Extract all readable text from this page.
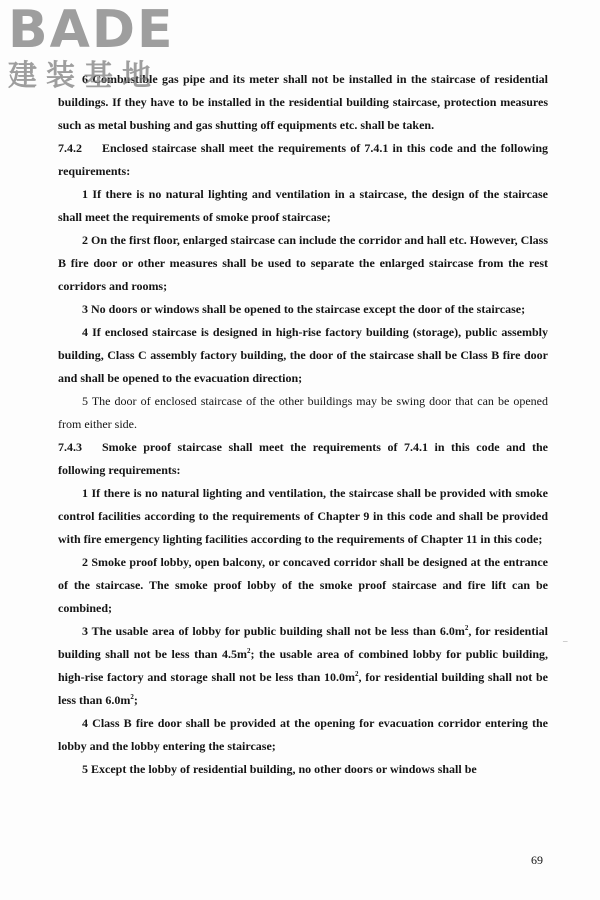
BADE
建装基地

6 Combustible gas pipe and its meter shall not be installed in the staircase of residential buildings. If they have to be installed in the residential building staircase, protection measures such as metal bushing and gas shutting off equipments etc. shall be taken.

7.4.2 Enclosed staircase shall meet the requirements of 7.4.1 in this code and the following requirements:

1 If there is no natural lighting and ventilation in a staircase, the design of the staircase shall meet the requirements of smoke proof staircase;

2 On the first floor, enlarged staircase can include the corridor and hall etc. However, Class B fire door or other measures shall be used to separate the enlarged staircase from the rest corridors and rooms;

3 No doors or windows shall be opened to the staircase except the door of the staircase;

4 If enclosed staircase is designed in high-rise factory building (storage), public assembly building, Class C assembly factory building, the door of the staircase shall be Class B fire door and shall be opened to the evacuation direction;

5 The door of enclosed staircase of the other buildings may be swing door that can be opened from either side.

7.4.3 Smoke proof staircase shall meet the requirements of 7.4.1 in this code and the following requirements:

1 If there is no natural lighting and ventilation, the staircase shall be provided with smoke control facilities according to the requirements of Chapter 9 in this code and shall be provided with fire emergency lighting facilities according to the requirements of Chapter 11 in this code;

2 Smoke proof lobby, open balcony, or concaved corridor shall be designed at the entrance of the staircase. The smoke proof lobby of the smoke proof staircase and fire lift can be combined;

3 The usable area of lobby for public building shall not be less than $6.0m^2$, for residential building shall not be less than $4.5m^2$; the usable area of combined lobby for public building, high-rise factory and storage shall not be less than $10.0m^2$, for residential building shall not be less than $6.0m^2$;

4 Class B fire door shall be provided at the opening for evacuation corridor entering the lobby and the lobby entering the staircase;

5 Except the lobby of residential building, no other doors or windows shall be

–
69
